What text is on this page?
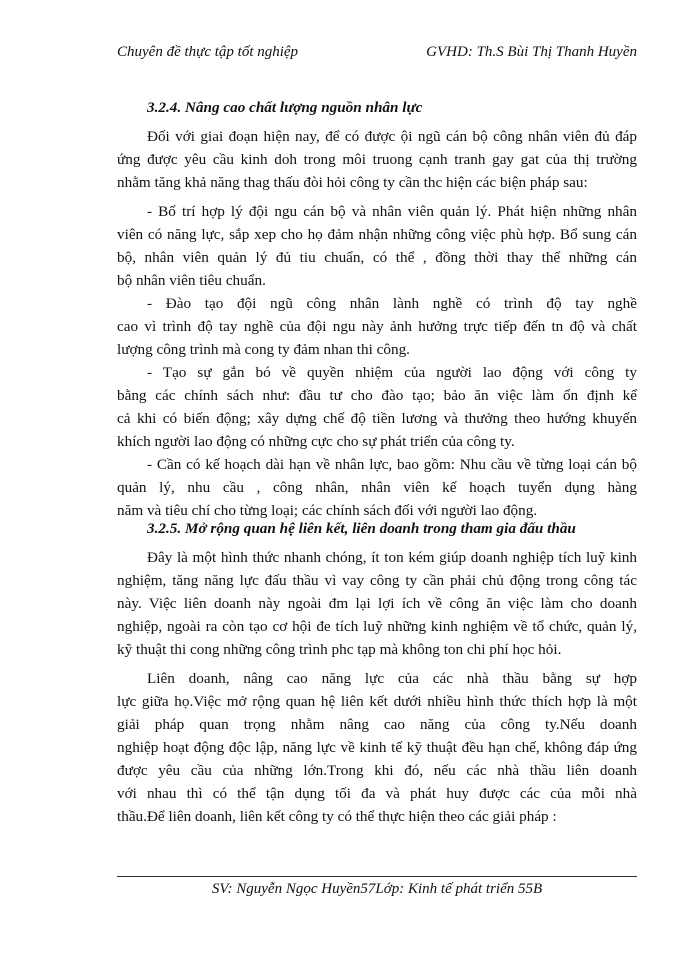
Chuyên đề thực tập tốt nghiệp	GVHD: Th.S Bùi Thị Thanh Huyền
3.2.4. Nâng cao chất lượng nguồn nhân lực
Đối với giai đoạn hiện nay, để có được ội ngũ cán bộ công nhân viên đủ đáp
ứng được yêu cầu kinh doh trong môi truong cạnh tranh gay gat của thị trường
nhằm tăng khả năng thag thấu đòi hỏi công ty cần thc hiện các biện pháp sau:
- Bố trí hợp lý đội ngu cán bộ và nhân viên quản lý. Phát hiện những nhân
viên có năng lực, sắp xep cho họ đảm nhận những công việc phù hợp. Bổ sung cán
bộ, nhân viên quản lý đủ tiu chuẩn, có thể , đồng thời thay thế những cán
bộ nhân viên tiêu chuẩn.
- Đào tạo đội ngũ công nhân lành nghề có trình độ tay nghề
cao vì trình độ tay nghề của đội ngu này ảnh hưởng trực tiếp đến tn độ và chất
lượng công trình mà cong ty đảm nhan thi công.
- Tạo sự gắn bó về quyền nhiệm của người lao động với công ty
bằng các chính sách như: đầu tư cho đào tạo; bảo ăn việc làm ổn định kể
cả khi có biến động; xây dựng chế độ tiền lương và thưởng theo hướng khuyến
khích người lao động có những cực cho sự phát triển của công ty.
- Cần có kế hoạch dài hạn về nhân lực, bao gồm: Nhu cầu về từng loại cán bộ
quản lý, nhu cầu , công nhân, nhân viên kế hoạch tuyển dụng hàng
năm và tiêu chí cho từng loại; các chính sách đối với người lao động.
3.2.5. Mở rộng quan hệ liên kết, liên doanh trong tham gia đấu thầu
Đây là một hình thức nhanh chóng, ít ton kém giúp doanh nghiệp tích luỹ kinh
nghiệm, tăng năng lực đấu thầu vì vay công ty cần phải chủ động trong công tác
này. Việc liên doanh này ngoài đm lại lợi ích về công ăn việc làm cho doanh
nghiệp, ngoài ra còn tạo cơ hội đe tích luỹ những kinh nghiệm về tổ chức, quản lý,
kỹ thuật thi cong những công trình phc tạp mà không ton chi phí học hỏi.
Liên doanh, nâng cao năng lực của các nhà thầu bằng sự hợp
lực giữa họ.Việc mở rộng quan hệ liên kết dưới nhiều hình thức thích hợp là một
giải pháp quan trọng nhằm nâng cao năng của công ty.Nếu doanh
nghiệp hoạt động độc lập, năng lực về kinh tế kỹ thuật đều hạn chế, không đáp ứng
được yêu cầu của những lớn.Trong khi đó, nếu các nhà thầu liên doanh
với nhau thì có thể tận dụng tối đa và phát huy được các của mỗi nhà
thầu.Để liên doanh, liên kết công ty có thể thực hiện theo các giải pháp :
SV: Nguyễn Ngọc Huyền57Lớp: Kinh tế phát triển 55B
